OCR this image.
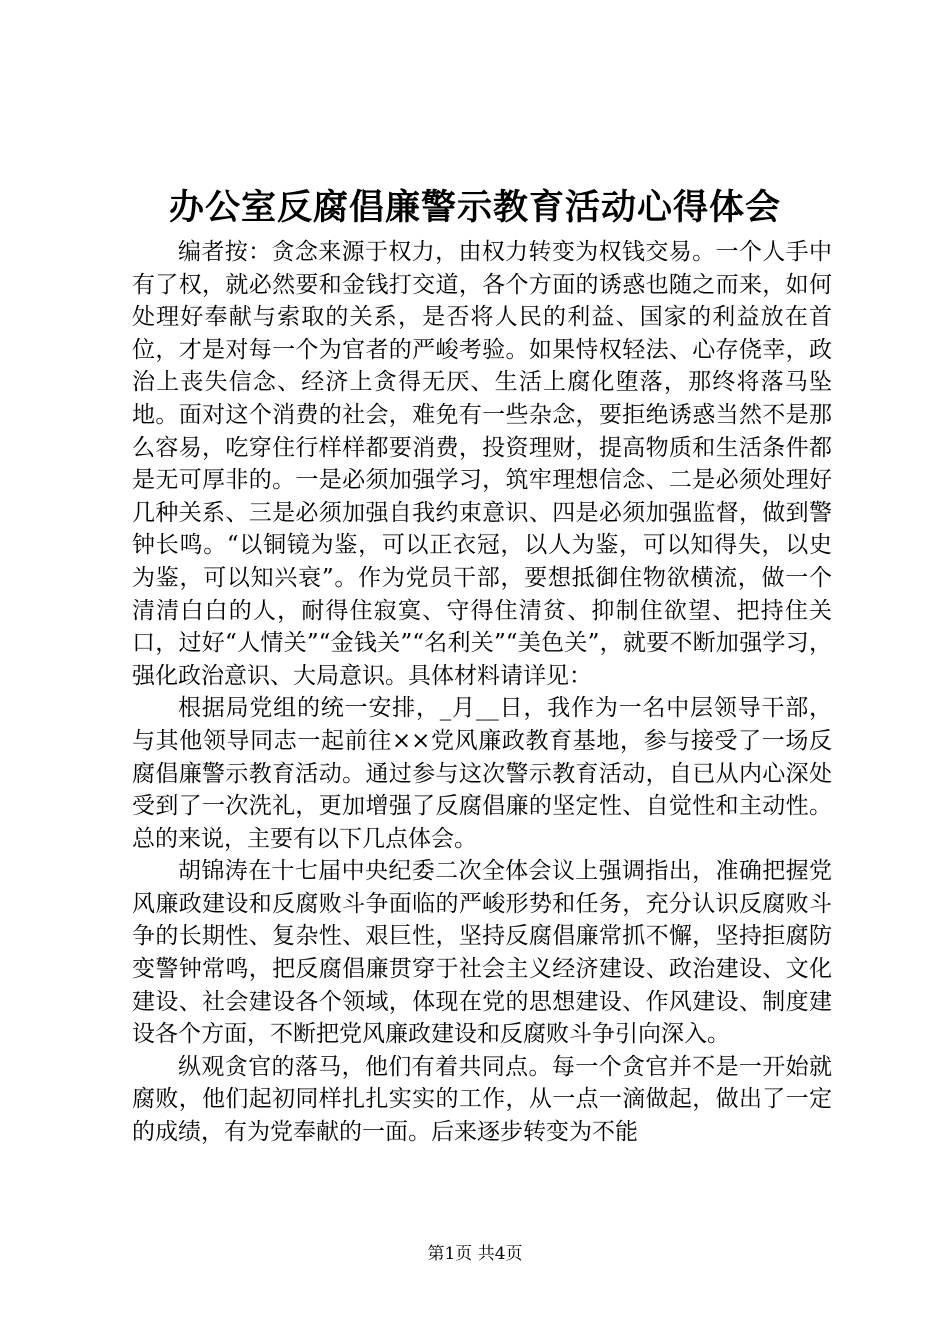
办公室反腐倡廉警示教育活动心得体会

编者按：贪念来源于权力，由权力转变为权钱交易。一个人手中有了权，就必然要和金钱打交道，各个方面的诱惑也随之而来，如何处理好奉献与索取的关系，是否将人民的利益、国家的利益放在首位，才是对每一个为官者的严峻考验。如果恃权轻法、心存侥幸，政治上丧失信念、经济上贪得无厌、生活上腐化堕落，那终将落马坠地。面对这个消费的社会，难免有一些杂念，要拒绝诱惑当然不是那么容易，吃穿住行样样都要消费，投资理财，提高物质和生活条件都是无可厚非的。一是必须加强学习，筑牢理想信念、二是必须处理好几种关系、三是必须加强自我约束意识、四是必须加强监督，做到警钟长鸣。“以铜镜为鉴，可以正衣冠，以人为鉴，可以知得失，以史为鉴，可以知兴衰”。作为党员干部，要想抵御住物欲横流，做一个清清白白的人，耐得住寂寞、守得住清贫、抑制住欲望、把持住关口，过好“人情关”“金钱关”“名利关”“美色关”，就要不断加强学习，强化政治意识、大局意识。具体材料请详见：

根据局党组的统一安排，_月__日，我作为一名中层领导干部，与其他领导同志一起前往××党风廉政教育基地，参与接受了一场反腐倡廉警示教育活动。通过参与这次警示教育活动，自已从内心深处受到了一次洗礼，更加增强了反腐倡廉的坚定性、自觉性和主动性。总的来说，主要有以下几点体会。

胡锦涛在十七届中央纪委二次全体会议上强调指出，准确把握党风廉政建设和反腐败斗争面临的严峻形势和任务，充分认识反腐败斗争的长期性、复杂性、艰巨性，坚持反腐倡廉常抓不懈，坚持拒腐防变警钟常鸣，把反腐倡廉贯穿于社会主义经济建设、政治建设、文化建设、社会建设各个领域，体现在党的思想建设、作风建设、制度建设各个方面，不断把党风廉政建设和反腐败斗争引向深入。

纵观贪官的落马，他们有着共同点。每一个贪官并不是一开始就腐败，他们起初同样扎扎实实的工作，从一点一滴做起，做出了一定的成绩，有为党奉献的一面。后来逐步转变为不能

第1页 共4页
